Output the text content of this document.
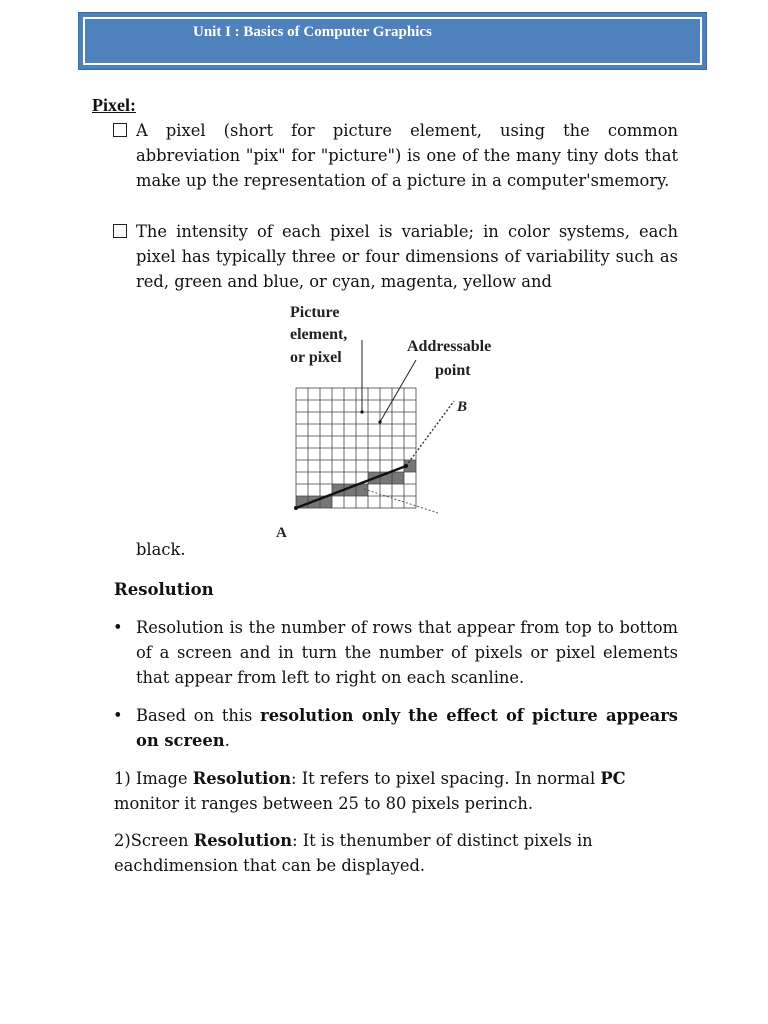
Unit I : Basics of Computer Graphics
Pixel:
A pixel (short for picture element, using the common abbreviation "pix" for "picture") is one of the many tiny dots that make up the representation of a picture in a computer'smemory.
The intensity of each pixel is variable; in color systems, each pixel has typically three or four dimensions of variability such as red, green and blue, or cyan, magenta, yellow and
Picture
element,
or pixel
Addressable
point
A
B
black.
Resolution
• Resolution is the number of rows that appear from top to bottom of a screen and in turn the number of pixels or pixel elements that appear from left to right on each scanline.
• Based on this resolution only the effect of picture appears on screen.
1) Image Resolution: It refers to pixel spacing. In normal PC monitor it ranges between 25 to 80 pixels perinch.
2)Screen Resolution: It is thenumber of distinct pixels in eachdimension that can be displayed.
